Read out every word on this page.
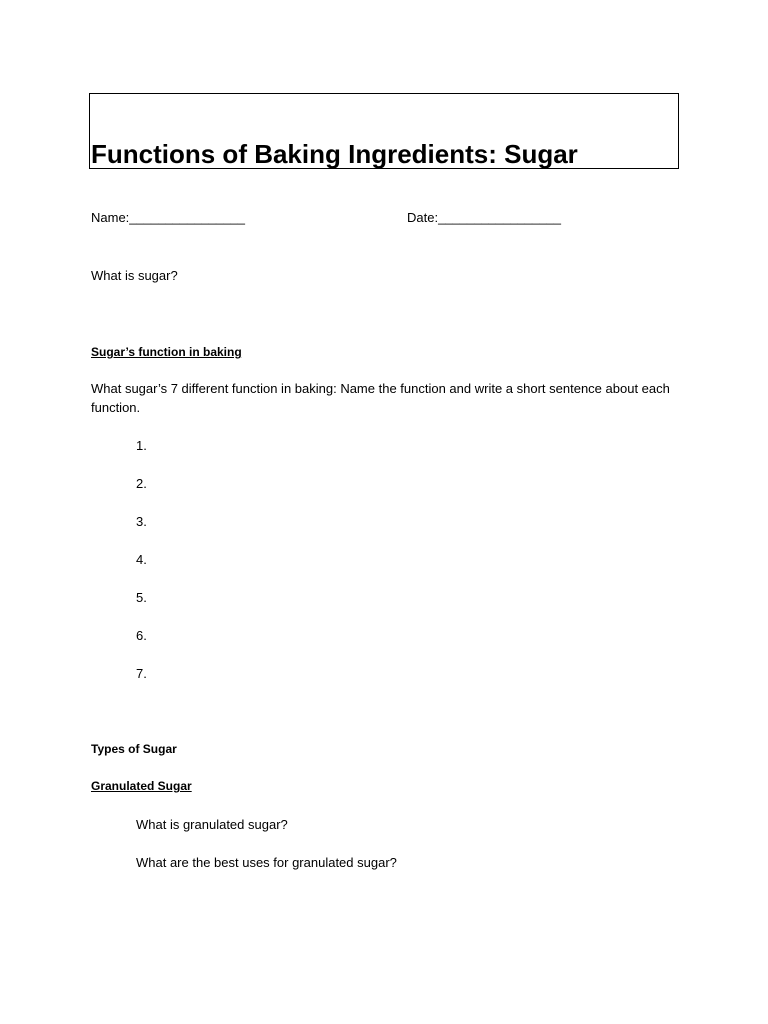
Functions of Baking Ingredients: Sugar
Name:________________	Date:_________________
What is sugar?
Sugar’s function in baking
What sugar’s 7 different function in baking: Name the function and write a short sentence about each function.
1.
2.
3.
4.
5.
6.
7.
Types of Sugar
Granulated Sugar
What is granulated sugar?
What are the best uses for granulated sugar?
